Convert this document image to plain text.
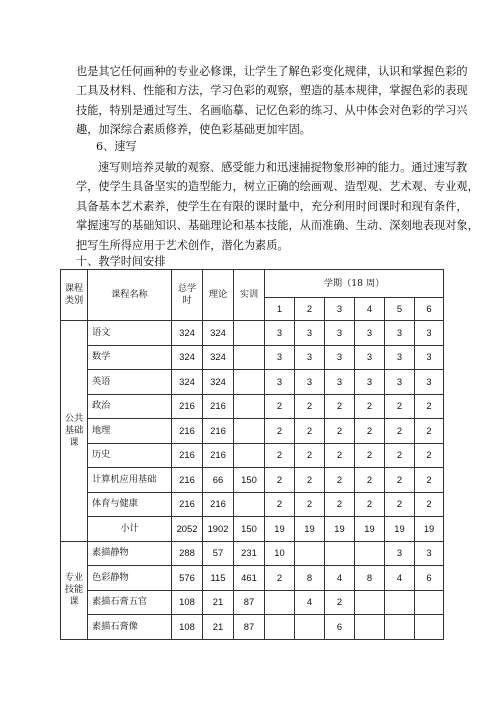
也是其它任何画种的专业必修课，让学生了解色彩变化规律，认识和掌握色彩的
工具及材料、性能和方法，学习色彩的观察，塑造的基本规律，掌握色彩的表现
技能，特别是通过写生、名画临摹、记忆色彩的练习、从中体会对色彩的学习兴
趣，加深综合素质修养，使色彩基础更加牢固。
6、速写
速写则培养灵敏的观察、感受能力和迅速捕捉物象形神的能力。通过速写教
学，使学生具备坚实的造型能力，树立正确的绘画观、造型观、艺术观、专业观，
具备基本艺术素养，使学生在有限的课时量中，充分利用时间课时和现有条件，
掌握速写的基础知识、基础理论和基本技能，从而准确、生动、深刻地表现对象，
把写生所得应用于艺术创作，潜化为素质。
十、教学时间安排
课程
类别	课程名称	总学
时	理论	实训	学期（18 周）					
					1	2	3	4	5	6
公共
基础
课	语文	324	324		3	3	3	3	3	3
	数学	324	324		3	3	3	3	3	3
	英语	324	324		3	3	3	3	3	3
	政治	216	216		2	2	2	2	2	2
	地理	216	216		2	2	2	2	2	2
	历史	216	216		2	2	2	2	2	2
	计算机应用基础	216	66	150	2	2	2	2	2	2
	体育与健康	216	216		2	2	2	2	2	2
	小计	2052	1902	150	19	19	19	19	19	19
专业
技能
课	素描静物	288	57	231	10				3	3
	色彩静物	576	115	461	2	8	4	8	4	6
	素描石膏五官	108	21	87		4	2			
	素描石膏像	108	21	87			6			
